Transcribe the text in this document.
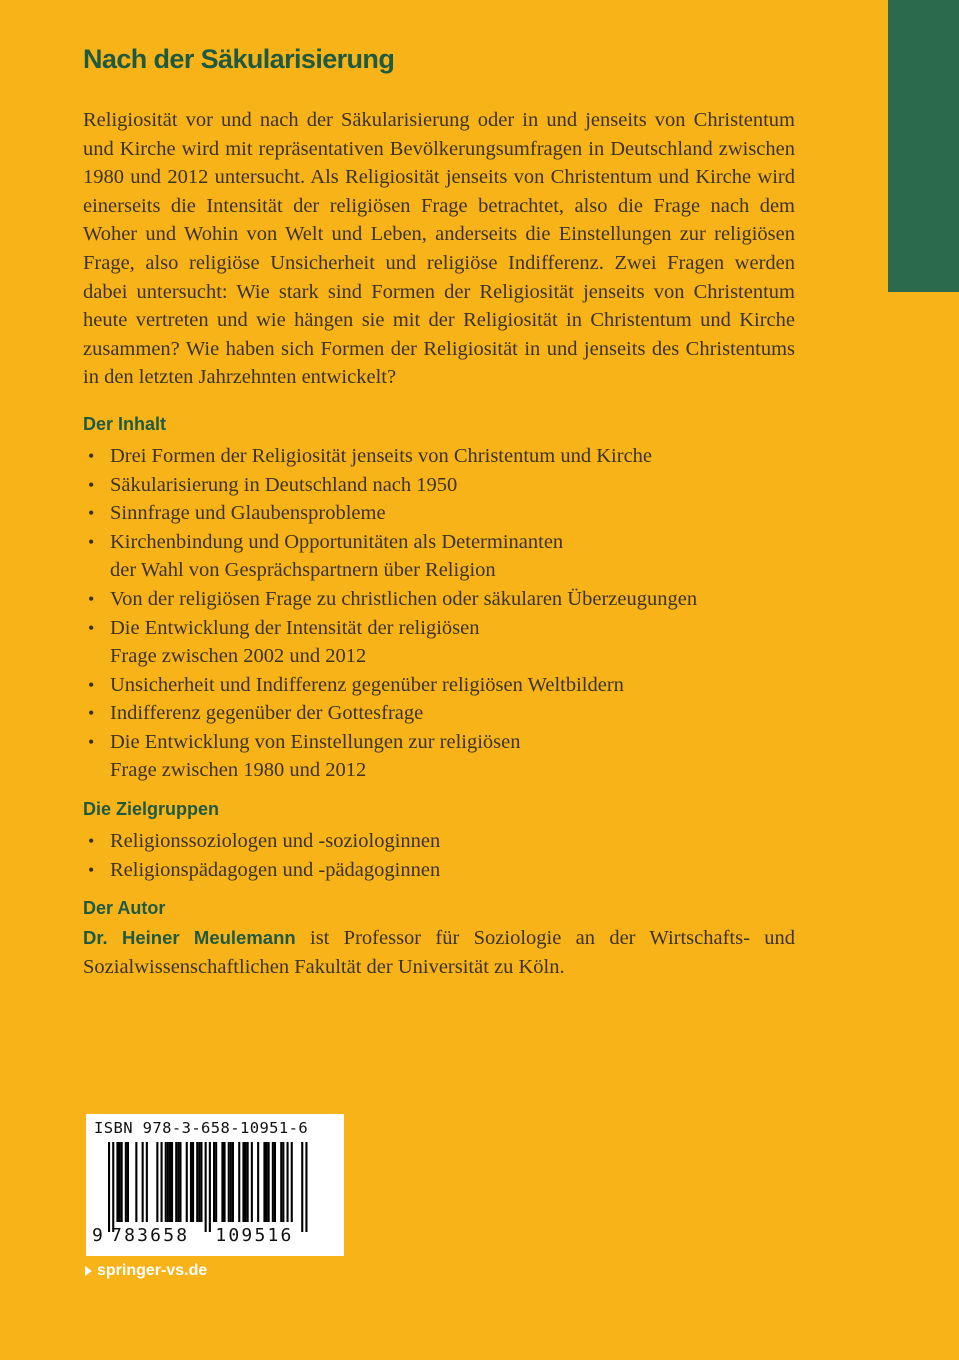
Nach der Säkularisierung

Religiosität vor und nach der Säkularisierung oder in und jenseits von Christentum und Kirche wird mit repräsentativen Bevölkerungsumfragen in Deutschland zwischen 1980 und 2012 untersucht. Als Religiosität jenseits von Christentum und Kirche wird einerseits die Intensität der religiösen Frage betrachtet, also die Frage nach dem Woher und Wohin von Welt und Leben, anderseits die Einstellungen zur religiösen Frage, also religiöse Unsicherheit und religiöse Indifferenz. Zwei Fragen werden dabei untersucht: Wie stark sind Formen der Religiosität jenseits von Christentum heute vertreten und wie hängen sie mit der Religiosität in Christentum und Kirche zusammen? Wie haben sich Formen der Religiosität in und jenseits des Christentums in den letzten Jahrzehnten entwickelt?

Der Inhalt
• Drei Formen der Religiosität jenseits von Christentum und Kirche
• Säkularisierung in Deutschland nach 1950
• Sinnfrage und Glaubensprobleme
• Kirchenbindung und Opportunitäten als Determinanten
der Wahl von Gesprächspartnern über Religion
• Von der religiösen Frage zu christlichen oder säkularen Überzeugungen
• Die Entwicklung der Intensität der religiösen
Frage zwischen 2002 und 2012
• Unsicherheit und Indifferenz gegenüber religiösen Weltbildern
• Indifferenz gegenüber der Gottesfrage
• Die Entwicklung von Einstellungen zur religiösen
Frage zwischen 1980 und 2012
Die Zielgruppen
• Religionssoziologen und -soziologinnen
• Religionspädagogen und -pädagoginnen
Der Autor

Dr. Heiner Meulemann ist Professor für Soziologie an der Wirtschafts- und Sozialwissenschaftlichen Fakultät der Universität zu Köln.

ISBN 978-3-658-10951-6
9 783658 109516
springer-vs.de
